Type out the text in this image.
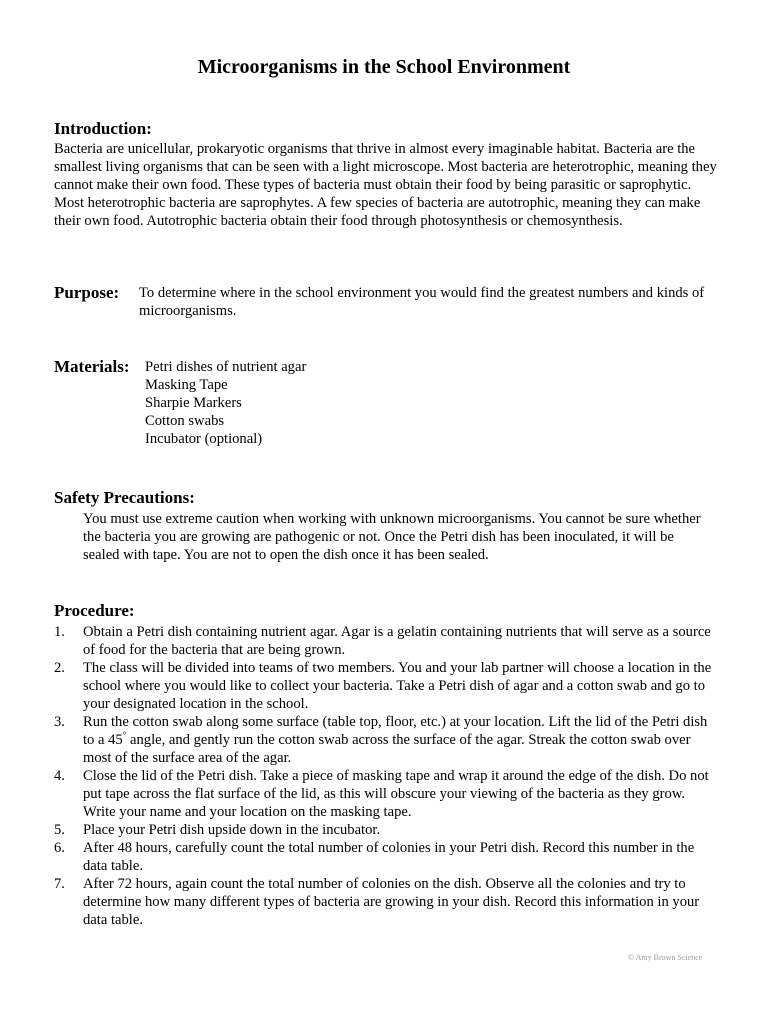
Microorganisms in the School Environment
Introduction:
Bacteria are unicellular, prokaryotic organisms that thrive in almost every imaginable habitat. Bacteria are the smallest living organisms that can be seen with a light microscope. Most bacteria are heterotrophic, meaning they cannot make their own food. These types of bacteria must obtain their food by being parasitic or saprophytic. Most heterotrophic bacteria are saprophytes. A few species of bacteria are autotrophic, meaning they can make their own food. Autotrophic bacteria obtain their food through photosynthesis or chemosynthesis.
Purpose: To determine where in the school environment you would find the greatest numbers and kinds of microorganisms.
Materials: Petri dishes of nutrient agar
Masking Tape
Sharpie Markers
Cotton swabs
Incubator (optional)
Safety Precautions:
You must use extreme caution when working with unknown microorganisms. You cannot be sure whether the bacteria you are growing are pathogenic or not. Once the Petri dish has been inoculated, it will be sealed with tape. You are not to open the dish once it has been sealed.
Procedure:
1. Obtain a Petri dish containing nutrient agar. Agar is a gelatin containing nutrients that will serve as a source of food for the bacteria that are being grown.
2. The class will be divided into teams of two members. You and your lab partner will choose a location in the school where you would like to collect your bacteria. Take a Petri dish of agar and a cotton swab and go to your designated location in the school.
3. Run the cotton swab along some surface (table top, floor, etc.) at your location. Lift the lid of the Petri dish to a 45° angle, and gently run the cotton swab across the surface of the agar. Streak the cotton swab over most of the surface area of the agar.
4. Close the lid of the Petri dish. Take a piece of masking tape and wrap it around the edge of the dish. Do not put tape across the flat surface of the lid, as this will obscure your viewing of the bacteria as they grow. Write your name and your location on the masking tape.
5. Place your Petri dish upside down in the incubator.
6. After 48 hours, carefully count the total number of colonies in your Petri dish. Record this number in the data table.
7. After 72 hours, again count the total number of colonies on the dish. Observe all the colonies and try to determine how many different types of bacteria are growing in your dish. Record this information in your data table.
© Amy Brown Science
